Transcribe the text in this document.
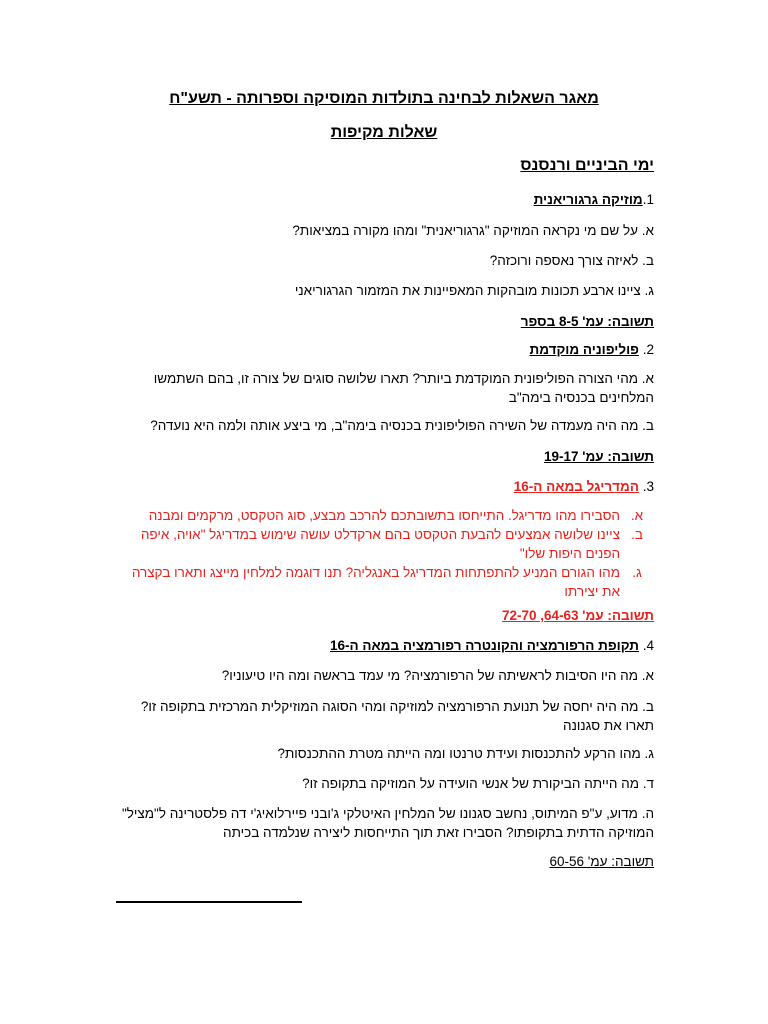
מאגר השאלות לבחינה בתולדות המוסיקה וספרותה - תשע"ח
שאלות מקיפות
ימי הביניים ורנסנס
1.מוזיקה גרגוריאנית
א. על שם מי נקראה המוזיקה "גרגוריאנית" ומהו מקורה במציאות?
ב. לאיזה צורך נאספה ורוכזה?
ג. ציינו ארבע תכונות מובהקות המאפיינות את המזמור הגרגוריאני
תשובה: עמ' 8-5 בספר
2. פוליפוניה מוקדמת
א. מהי הצורה הפוליפונית המוקדמת ביותר? תארו שלושה סוגים של צורה זו, בהם השתמשו
המלחינים בכנסיה בימה"ב
ב. מה היה מעמדה של השירה הפוליפונית בכנסיה בימה"ב, מי ביצע אותה ולמה היא נועדה?
תשובה: עמ' 19-17
3. המדריגל במאה ה-16
א.
הסבירו מהו מדריגל. התייחסו בתשובתכם להרכב מבצע, סוג הטקסט, מרקמים ומבנה
ב.
ציינו שלושה אמצעים להבעת הטקסט בהם ארקדלט עושה שימוש במדריגל "אויה, איפה הפנים היפות שלו"
ג.
מהו הגורם המניע להתפתחות המדריגל באנגליה? תנו דוגמה למלחין מייצג ותארו בקצרה את יצירתו
תשובה: עמ' 64-63, 72-70
4. תקופת הרפורמציה והקונטרה רפורמציה במאה ה-16
א. מה היו הסיבות לראשיתה של הרפורמציה? מי עמד בראשה ומה היו טיעוניו?
ב. מה היה יחסה של תנועת הרפורמציה למוזיקה ומהי הסוגה המוזיקלית המרכזית בתקופה זו?
תארו את סגנונה
ג. מהו הרקע להתכנסות ועידת טרנטו ומה הייתה מטרת ההתכנסות?
ד. מה הייתה הביקורת של אנשי הועידה על המוזיקה בתקופה זו?
ה. מדוע, ע"פ המיתוס, נחשב סגנונו של המלחין האיטלקי ג'ובני פיירלואיג'י דה פלסטרינה ל"מציל"
המוזיקה הדתית בתקופתו? הסבירו זאת תוך התייחסות ליצירה שנלמדה בכיתה
תשובה: עמ' 60-56
